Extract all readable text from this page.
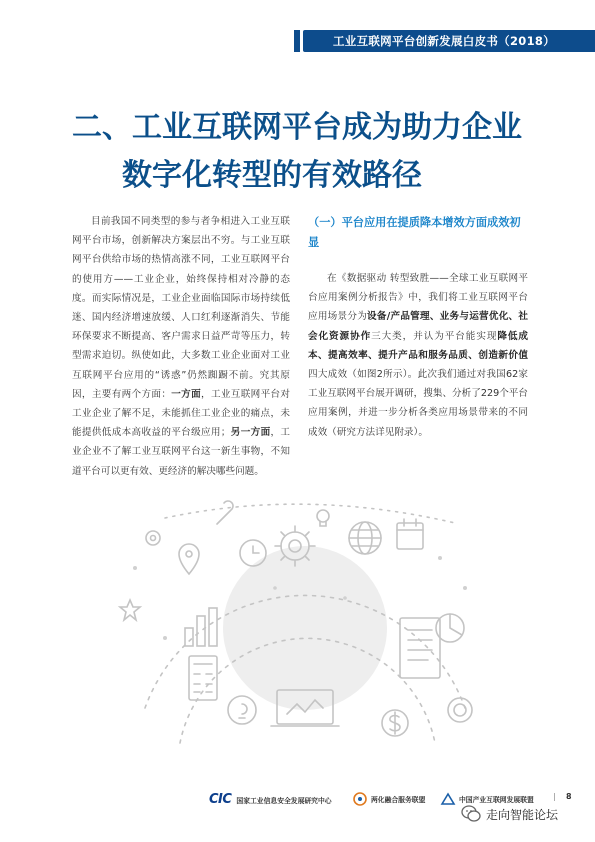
工业互联网平台创新发展白皮书（2018）
二、工业互联网平台成为助力企业
数字化转型的有效路径

目前我国不同类型的参与者争相进入工业互联网平台市场，创新解决方案层出不穷。与工业互联网平台供给市场的热情高涨不同，工业互联网平台的使用方——工业企业，始终保持相对冷静的态度。而实际情况是，工业企业面临国际市场持续低迷、国内经济增速放缓、人口红利逐渐消失、节能环保要求不断提高、客户需求日益严苛等压力，转型需求迫切。纵使如此，大多数工业企业面对工业互联网平台应用的“诱惑”仍然踟蹰不前。究其原因，主要有两个方面：一方面，工业互联网平台对工业企业了解不足，未能抓住工业企业的痛点，未能提供低成本高收益的平台级应用；另一方面，工业企业不了解工业互联网平台这一新生事物，不知道平台可以更有效、更经济的解决哪些问题。

（一）平台应用在提质降本增效方面成效初显

在《数据驱动 转型致胜——全球工业互联网平台应用案例分析报告》中，我们将工业互联网平台应用场景分为设备/产品管理、业务与运营优化、社会化资源协作三大类，并认为平台能实现降低成本、提高效率、提升产品和服务品质、创造新价值四大成效（如图2所示）。此次我们通过对我国62家工业互联网平台展开调研，搜集、分析了229个平台应用案例，并进一步分析各类应用场景带来的不同成效（研究方法详见附录）。

CIC 国家工业信息安全发展研究中心	两化融合服务联盟	中国产业互联网发展联盟 | 8
走向智能论坛
